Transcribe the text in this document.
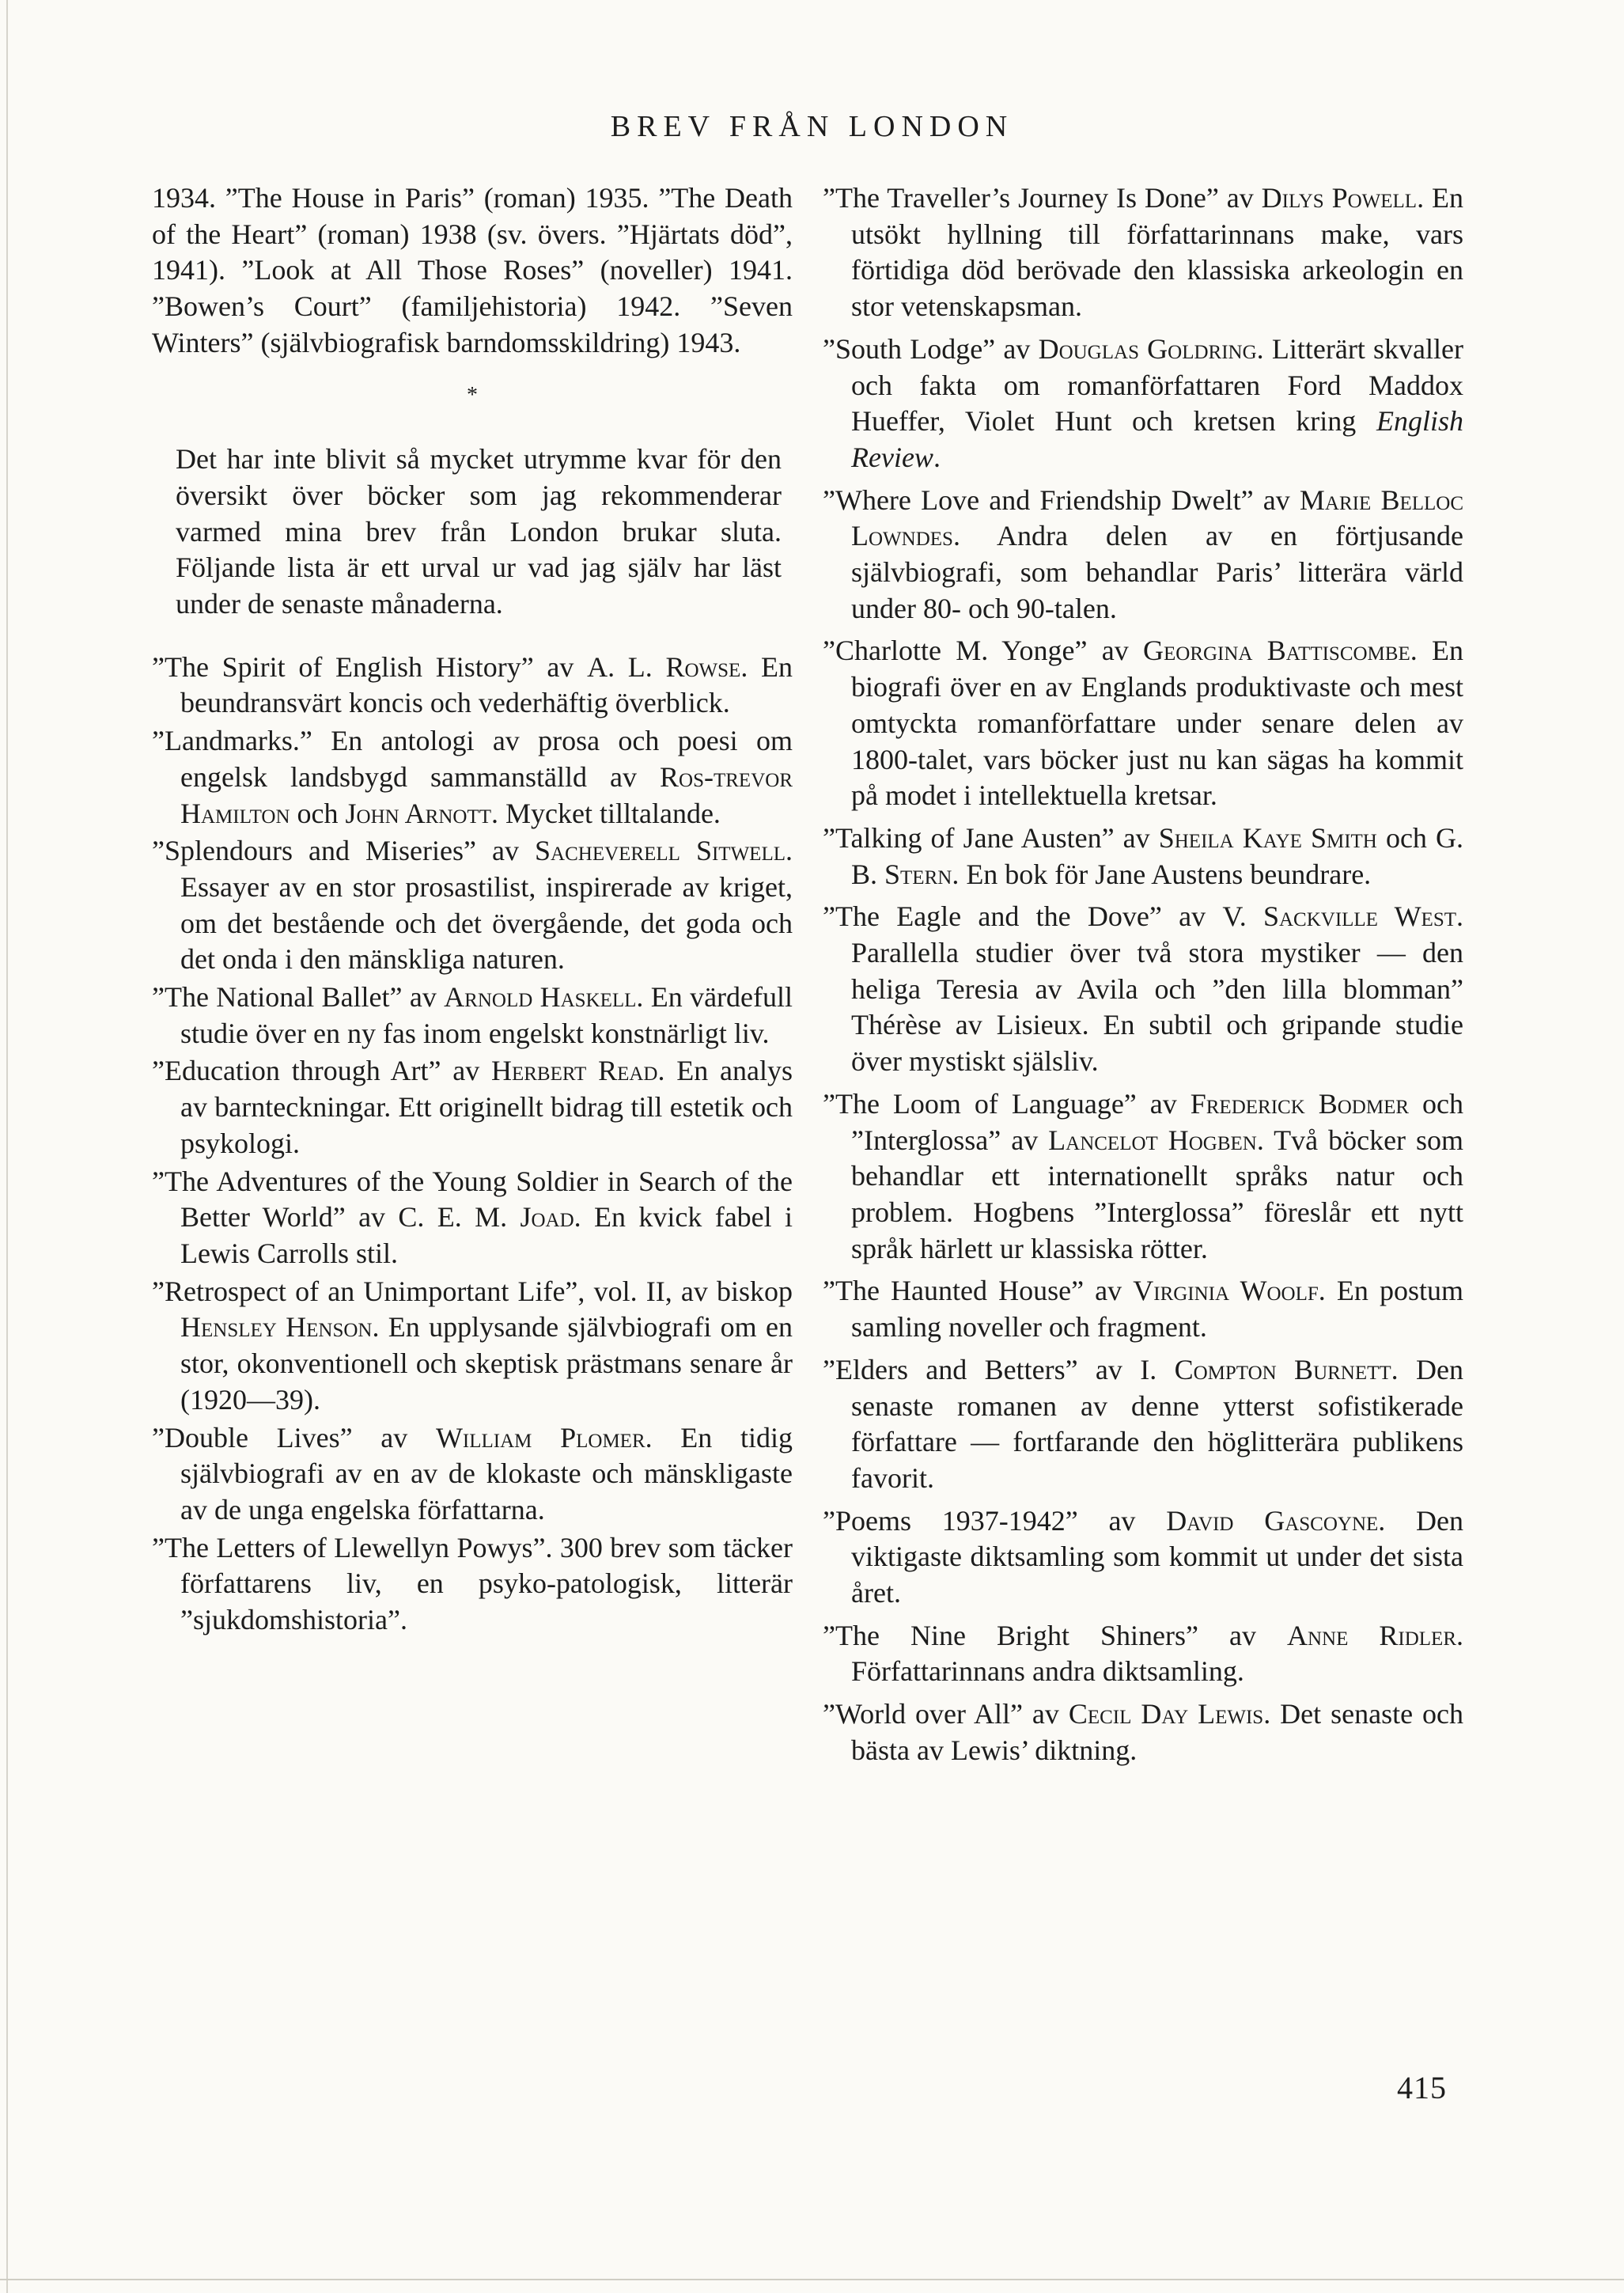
BREV FRÅN LONDON

1934. ”The House in Paris” (roman) 1935. ”The Death of the Heart” (roman) 1938 (sv. övers. ”Hjärtats död”, 1941). ”Look at All Those Roses” (noveller) 1941. ”Bowen’s Court” (familjehistoria) 1942. ”Seven Winters” (självbiografisk barndomsskildring) 1943.

*

Det har inte blivit så mycket utrymme kvar för den översikt över böcker som jag rekommenderar varmed mina brev från London brukar sluta. Följande lista är ett urval ur vad jag själv har läst under de senaste månaderna.

”The Spirit of English History” av A. L. Rowse. En beundransvärt koncis och vederhäftig överblick.

”Landmarks.” En antologi av prosa och poesi om engelsk landsbygd sammanställd av Ros-trevor Hamilton och John Arnott. Mycket tilltalande.

”Splendours and Miseries” av Sacheverell Sitwell. Essayer av en stor prosastilist, inspirerade av kriget, om det bestående och det övergående, det goda och det onda i den mänskliga naturen.

”The National Ballet” av Arnold Haskell. En värdefull studie över en ny fas inom engelskt konstnärligt liv.

”Education through Art” av Herbert Read. En analys av barnteckningar. Ett originellt bidrag till estetik och psykologi.

”The Adventures of the Young Soldier in Search of the Better World” av C. E. M. Joad. En kvick fabel i Lewis Carrolls stil.

”Retrospect of an Unimportant Life”, vol. II, av biskop Hensley Henson. En upplysande självbiografi om en stor, okonventionell och skeptisk prästmans senare år (1920—39).

”Double Lives” av William Plomer. En tidig självbiografi av en av de klokaste och mänskligaste av de unga engelska författarna.

”The Letters of Llewellyn Powys”. 300 brev som täcker författarens liv, en psyko-patologisk, litterär ”sjukdomshistoria”.

”The Traveller’s Journey Is Done” av Dilys Powell. En utsökt hyllning till författarinnans make, vars förtidiga död berövade den klassiska arkeologin en stor vetenskapsman.

”South Lodge” av Douglas Goldring. Litterärt skvaller och fakta om romanförfattaren Ford Maddox Hueffer, Violet Hunt och kretsen kring English Review.

”Where Love and Friendship Dwelt” av Marie Belloc Lowndes. Andra delen av en förtjusande självbiografi, som behandlar Paris’ litterära värld under 80- och 90-talen.

”Charlotte M. Yonge” av Georgina Battiscombe. En biografi över en av Englands produktivaste och mest omtyckta romanförfattare under senare delen av 1800-talet, vars böcker just nu kan sägas ha kommit på modet i intellektuella kretsar.

”Talking of Jane Austen” av Sheila Kaye Smith och G. B. Stern. En bok för Jane Austens beundrare.

”The Eagle and the Dove” av V. Sackville West. Parallella studier över två stora mystiker — den heliga Teresia av Avila och ”den lilla blomman” Thérèse av Lisieux. En subtil och gripande studie över mystiskt själsliv.

”The Loom of Language” av Frederick Bodmer och ”Interglossa” av Lancelot Hogben. Två böcker som behandlar ett internationellt språks natur och problem. Hogbens ”Interglossa” föreslår ett nytt språk härlett ur klassiska rötter.

”The Haunted House” av Virginia Woolf. En postum samling noveller och fragment.

”Elders and Betters” av I. Compton Burnett. Den senaste romanen av denne ytterst sofistikerade författare — fortfarande den höglitterära publikens favorit.

”Poems 1937-1942” av David Gascoyne. Den viktigaste diktsamling som kommit ut under det sista året.

”The Nine Bright Shiners” av Anne Ridler. Författarinnans andra diktsamling.

”World over All” av Cecil Day Lewis. Det senaste och bästa av Lewis’ diktning.

415
